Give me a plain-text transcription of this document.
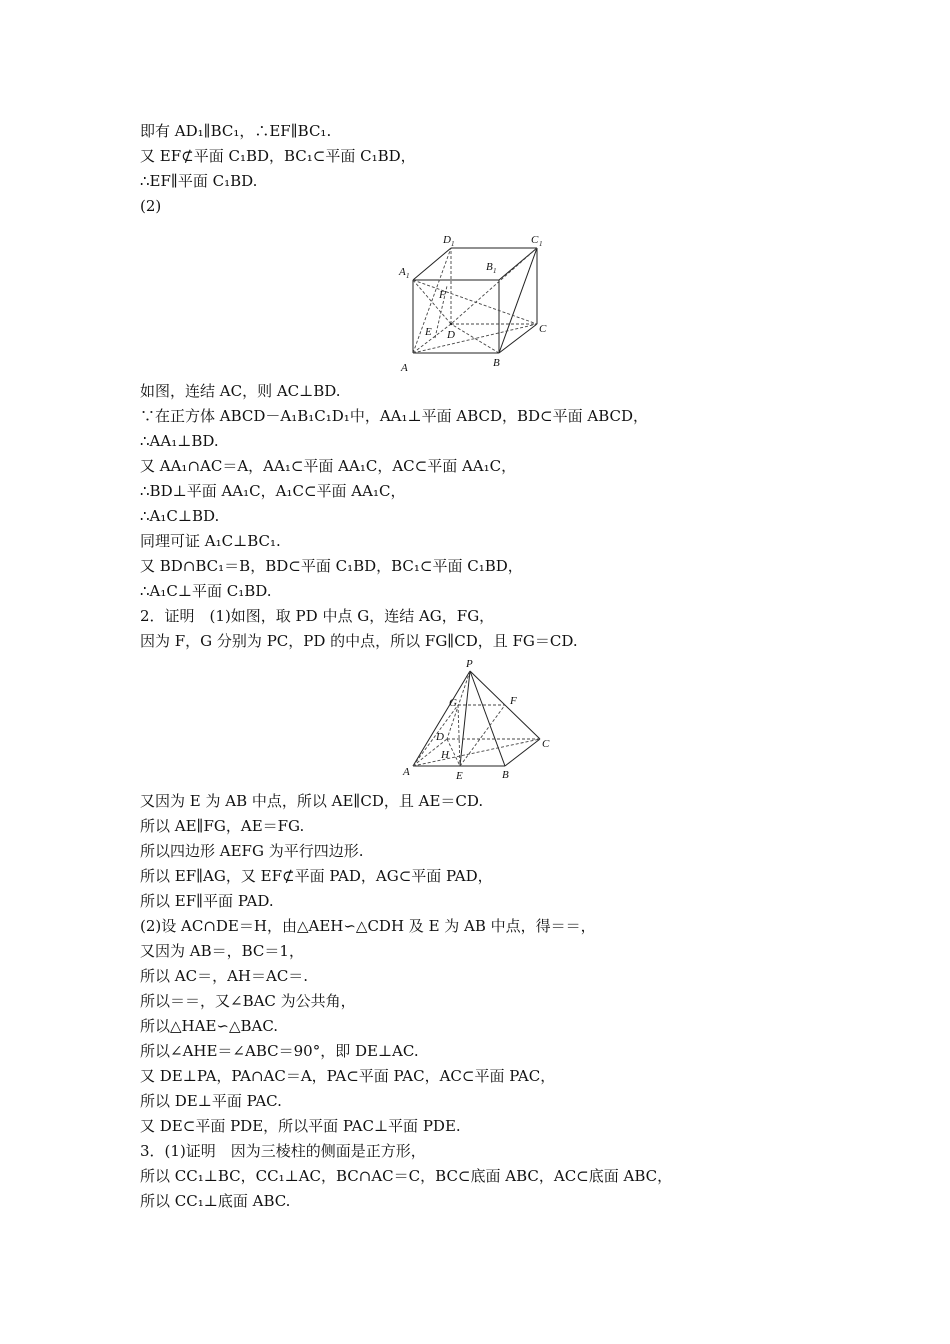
即有 AD₁∥BC₁，∴EF∥BC₁.
又 EF⊄平面 C₁BD，BC₁⊂平面 C₁BD，
∴EF∥平面 C₁BD.
(2)
A	B
C
D
A 1
B 1
C 1
D 1
E
F
如图，连结 AC，则 AC⊥BD.
∵在正方体 ABCD－A₁B₁C₁D₁中，AA₁⊥平面 ABCD，BD⊂平面 ABCD，
∴AA₁⊥BD.
又 AA₁∩AC＝A，AA₁⊂平面 AA₁C，AC⊂平面 AA₁C，
∴BD⊥平面 AA₁C，A₁C⊂平面 AA₁C，
∴A₁C⊥BD.
同理可证 A₁C⊥BC₁.
又 BD∩BC₁＝B，BD⊂平面 C₁BD，BC₁⊂平面 C₁BD，
∴A₁C⊥平面 C₁BD.
2．证明　(1)如图，取 PD 中点 G，连结 AG，FG，
因为 F，G 分别为 PC，PD 的中点，所以 FG∥CD，且 FG＝CD.
P
G	F
D
C
H
A	E	B
又因为 E 为 AB 中点，所以 AE∥CD，且 AE＝CD.
所以 AE∥FG，AE＝FG.
所以四边形 AEFG 为平行四边形.
所以 EF∥AG，又 EF⊄平面 PAD，AG⊂平面 PAD，
所以 EF∥平面 PAD.
(2)设 AC∩DE＝H，由△AEH∽△CDH 及 E 为 AB 中点，得＝＝，
又因为 AB＝，BC＝1，
所以 AC＝，AH＝AC＝.
所以＝＝，又∠BAC 为公共角，
所以△HAE∽△BAC.
所以∠AHE＝∠ABC＝90°，即 DE⊥AC.
又 DE⊥PA，PA∩AC＝A，PA⊂平面 PAC，AC⊂平面 PAC，
所以 DE⊥平面 PAC.
又 DE⊂平面 PDE，所以平面 PAC⊥平面 PDE.
3．(1)证明　因为三棱柱的侧面是正方形，
所以 CC₁⊥BC，CC₁⊥AC，BC∩AC＝C，BC⊂底面 ABC，AC⊂底面 ABC，
所以 CC₁⊥底面 ABC.
